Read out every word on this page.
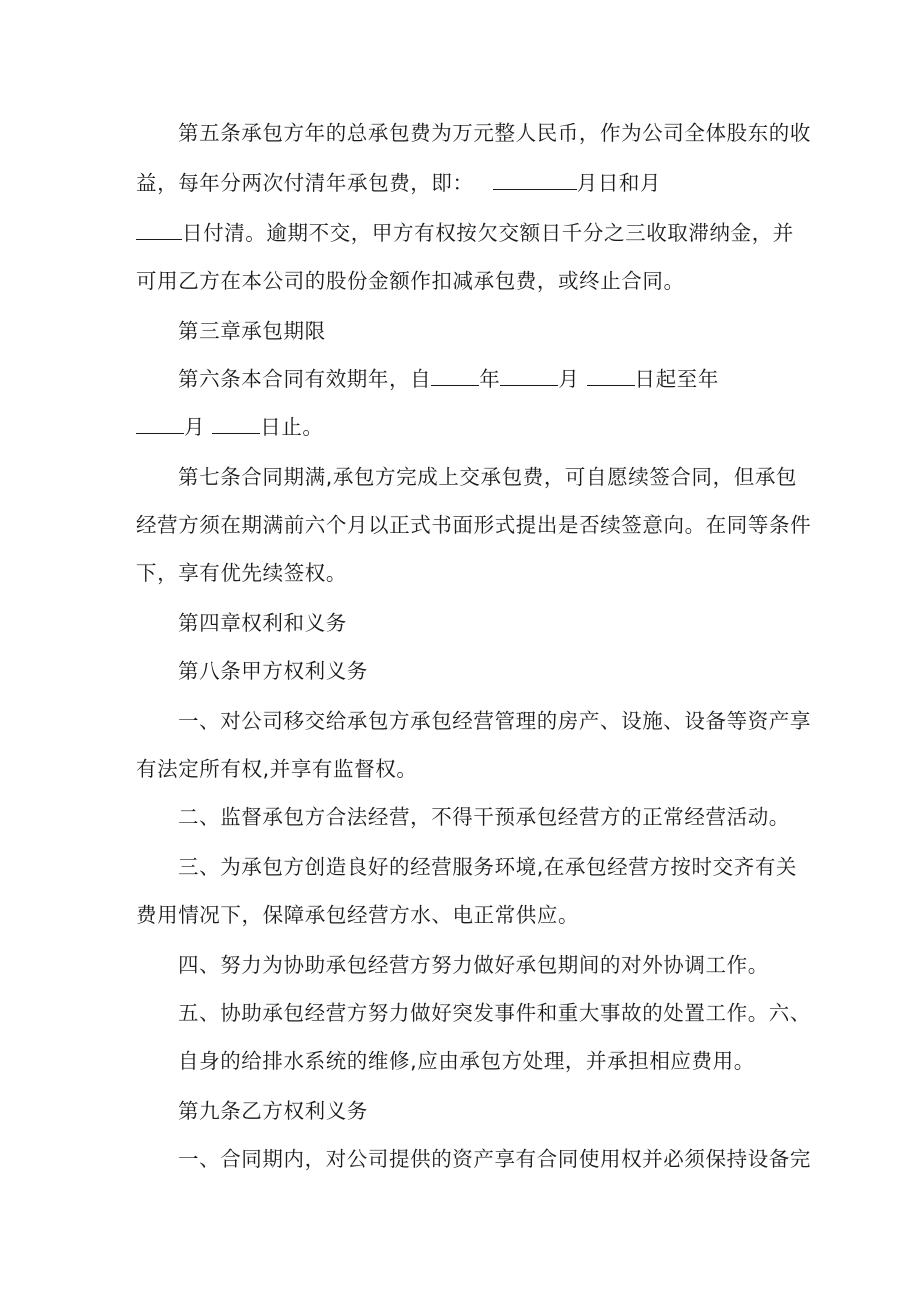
第五条承包方年的总承包费为万元整人民币，作为公司全体股东的收
益，每年分两次付清年承包费，即：	月日和月
日付清。逾期不交，甲方有权按欠交额日千分之三收取滞纳金，并
可用乙方在本公司的股份金额作扣减承包费，或终止合同。
第三章承包期限
第六条本合同有效期年，自 年	月	日起至年
月	日止。
第七条合同期满,承包方完成上交承包费，可自愿续签合同，但承包
经营方须在期满前六个月以正式书面形式提出是否续签意向。在同等条件
下，享有优先续签权。
第四章权利和义务
第八条甲方权利义务
一、对公司移交给承包方承包经营管理的房产、设施、设备等资产享
有法定所有权,并享有监督权。
二、监督承包方合法经营，不得干预承包经营方的正常经营活动。
三、为承包方创造良好的经营服务环境,在承包经营方按时交齐有关
费用情况下，保障承包经营方水、电正常供应。
四、努力为协助承包经营方努力做好承包期间的对外协调工作。
五、协助承包经营方努力做好突发事件和重大事故的处置工作。六、
自身的给排水系统的维修,应由承包方处理，并承担相应费用。
第九条乙方权利义务
一、合同期内，对公司提供的资产享有合同使用权并必须保持设备完
